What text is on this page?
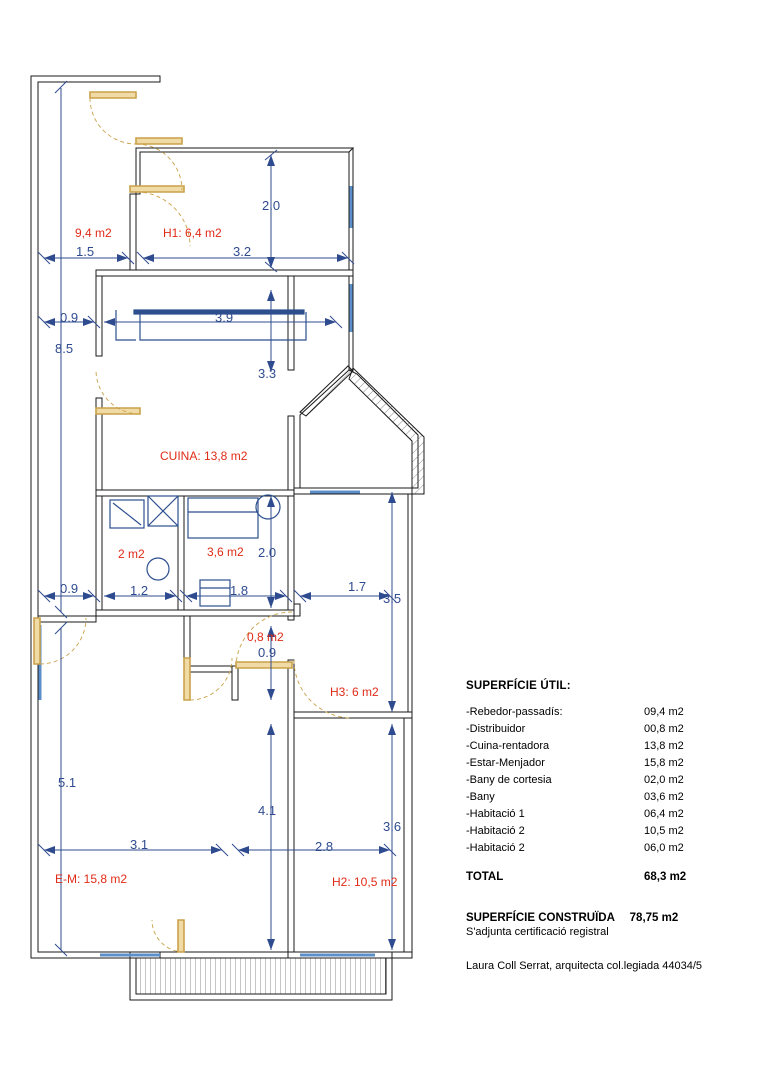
2.0
1.5	3.2
0.9	3.9
8.5
3.3
2.0
0.9	1.2	1.8	1.7
3.5
0.9
5.1
4.1
3.6
3.1	2.8
9,4 m2	H1: 6,4 m2
CUINA: 13,8 m2
2 m2	3,6 m2
0,8 m2
H3: 6 m2
E-M: 15,8 m2	H2: 10,5 m2
SUPERFÍCIE ÚTIL:
-Rebedor-passadís:	09,4 m2
-Distribuidor	00,8 m2
-Cuina-rentadora	13,8 m2
-Estar-Menjador	15,8 m2
-Bany de cortesia	02,0 m2
-Bany	03,6 m2
-Habitació 1	06,4 m2
-Habitació 2	10,5 m2
-Habitació 2	06,0 m2
TOTAL	68,3 m2
SUPERFÍCIE CONSTRUÏDA 78,75 m2
S'adjunta certificació registral
Laura Coll Serrat, arquitecta col.legiada 44034/5
